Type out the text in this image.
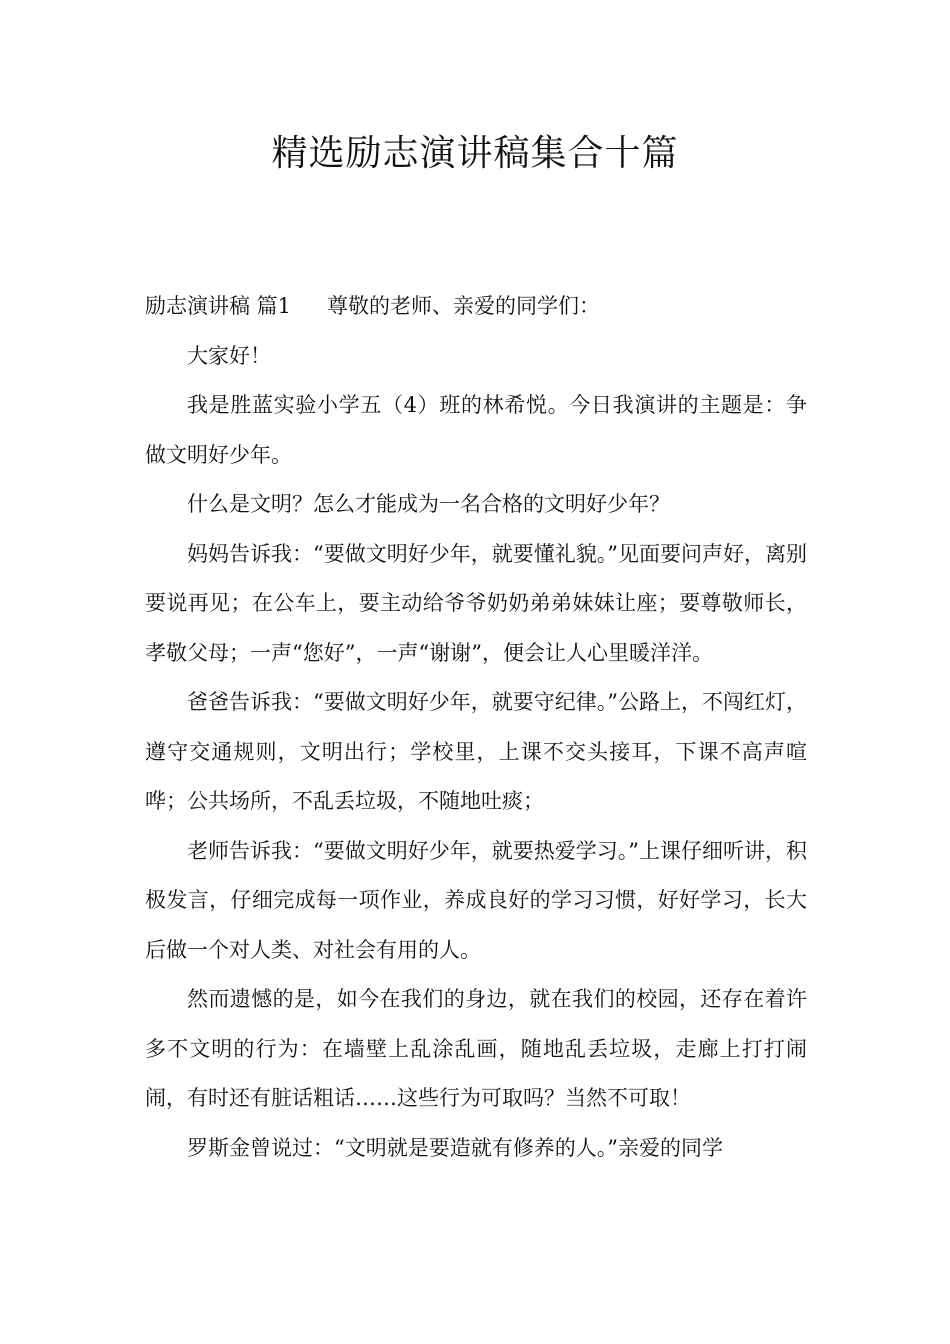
精选励志演讲稿集合十篇

励志演讲稿 篇1 尊敬的老师、亲爱的同学们：

大家好！

我是胜蓝实验小学五（4）班的林希悦。今日我演讲的主题是：争做文明好少年。

什么是文明？怎么才能成为一名合格的文明好少年？

妈妈告诉我：“要做文明好少年，就要懂礼貌。”见面要问声好，离别要说再见；在公车上，要主动给爷爷奶奶弟弟妹妹让座；要尊敬师长，孝敬父母；一声“您好”，一声“谢谢”，便会让人心里暖洋洋。

爸爸告诉我：“要做文明好少年，就要守纪律。”公路上，不闯红灯，遵守交通规则，文明出行；学校里，上课不交头接耳，下课不高声喧哗；公共场所，不乱丢垃圾，不随地吐痰；

老师告诉我：“要做文明好少年，就要热爱学习。”上课仔细听讲，积极发言，仔细完成每一项作业，养成良好的学习习惯，好好学习，长大后做一个对人类、对社会有用的人。

然而遗憾的是，如今在我们的身边，就在我们的校园，还存在着许多不文明的行为：在墙壁上乱涂乱画，随地乱丢垃圾，走廊上打打闹闹，有时还有脏话粗话……这些行为可取吗？当然不可取！

罗斯金曾说过：“文明就是要造就有修养的人。”亲爱的同学
